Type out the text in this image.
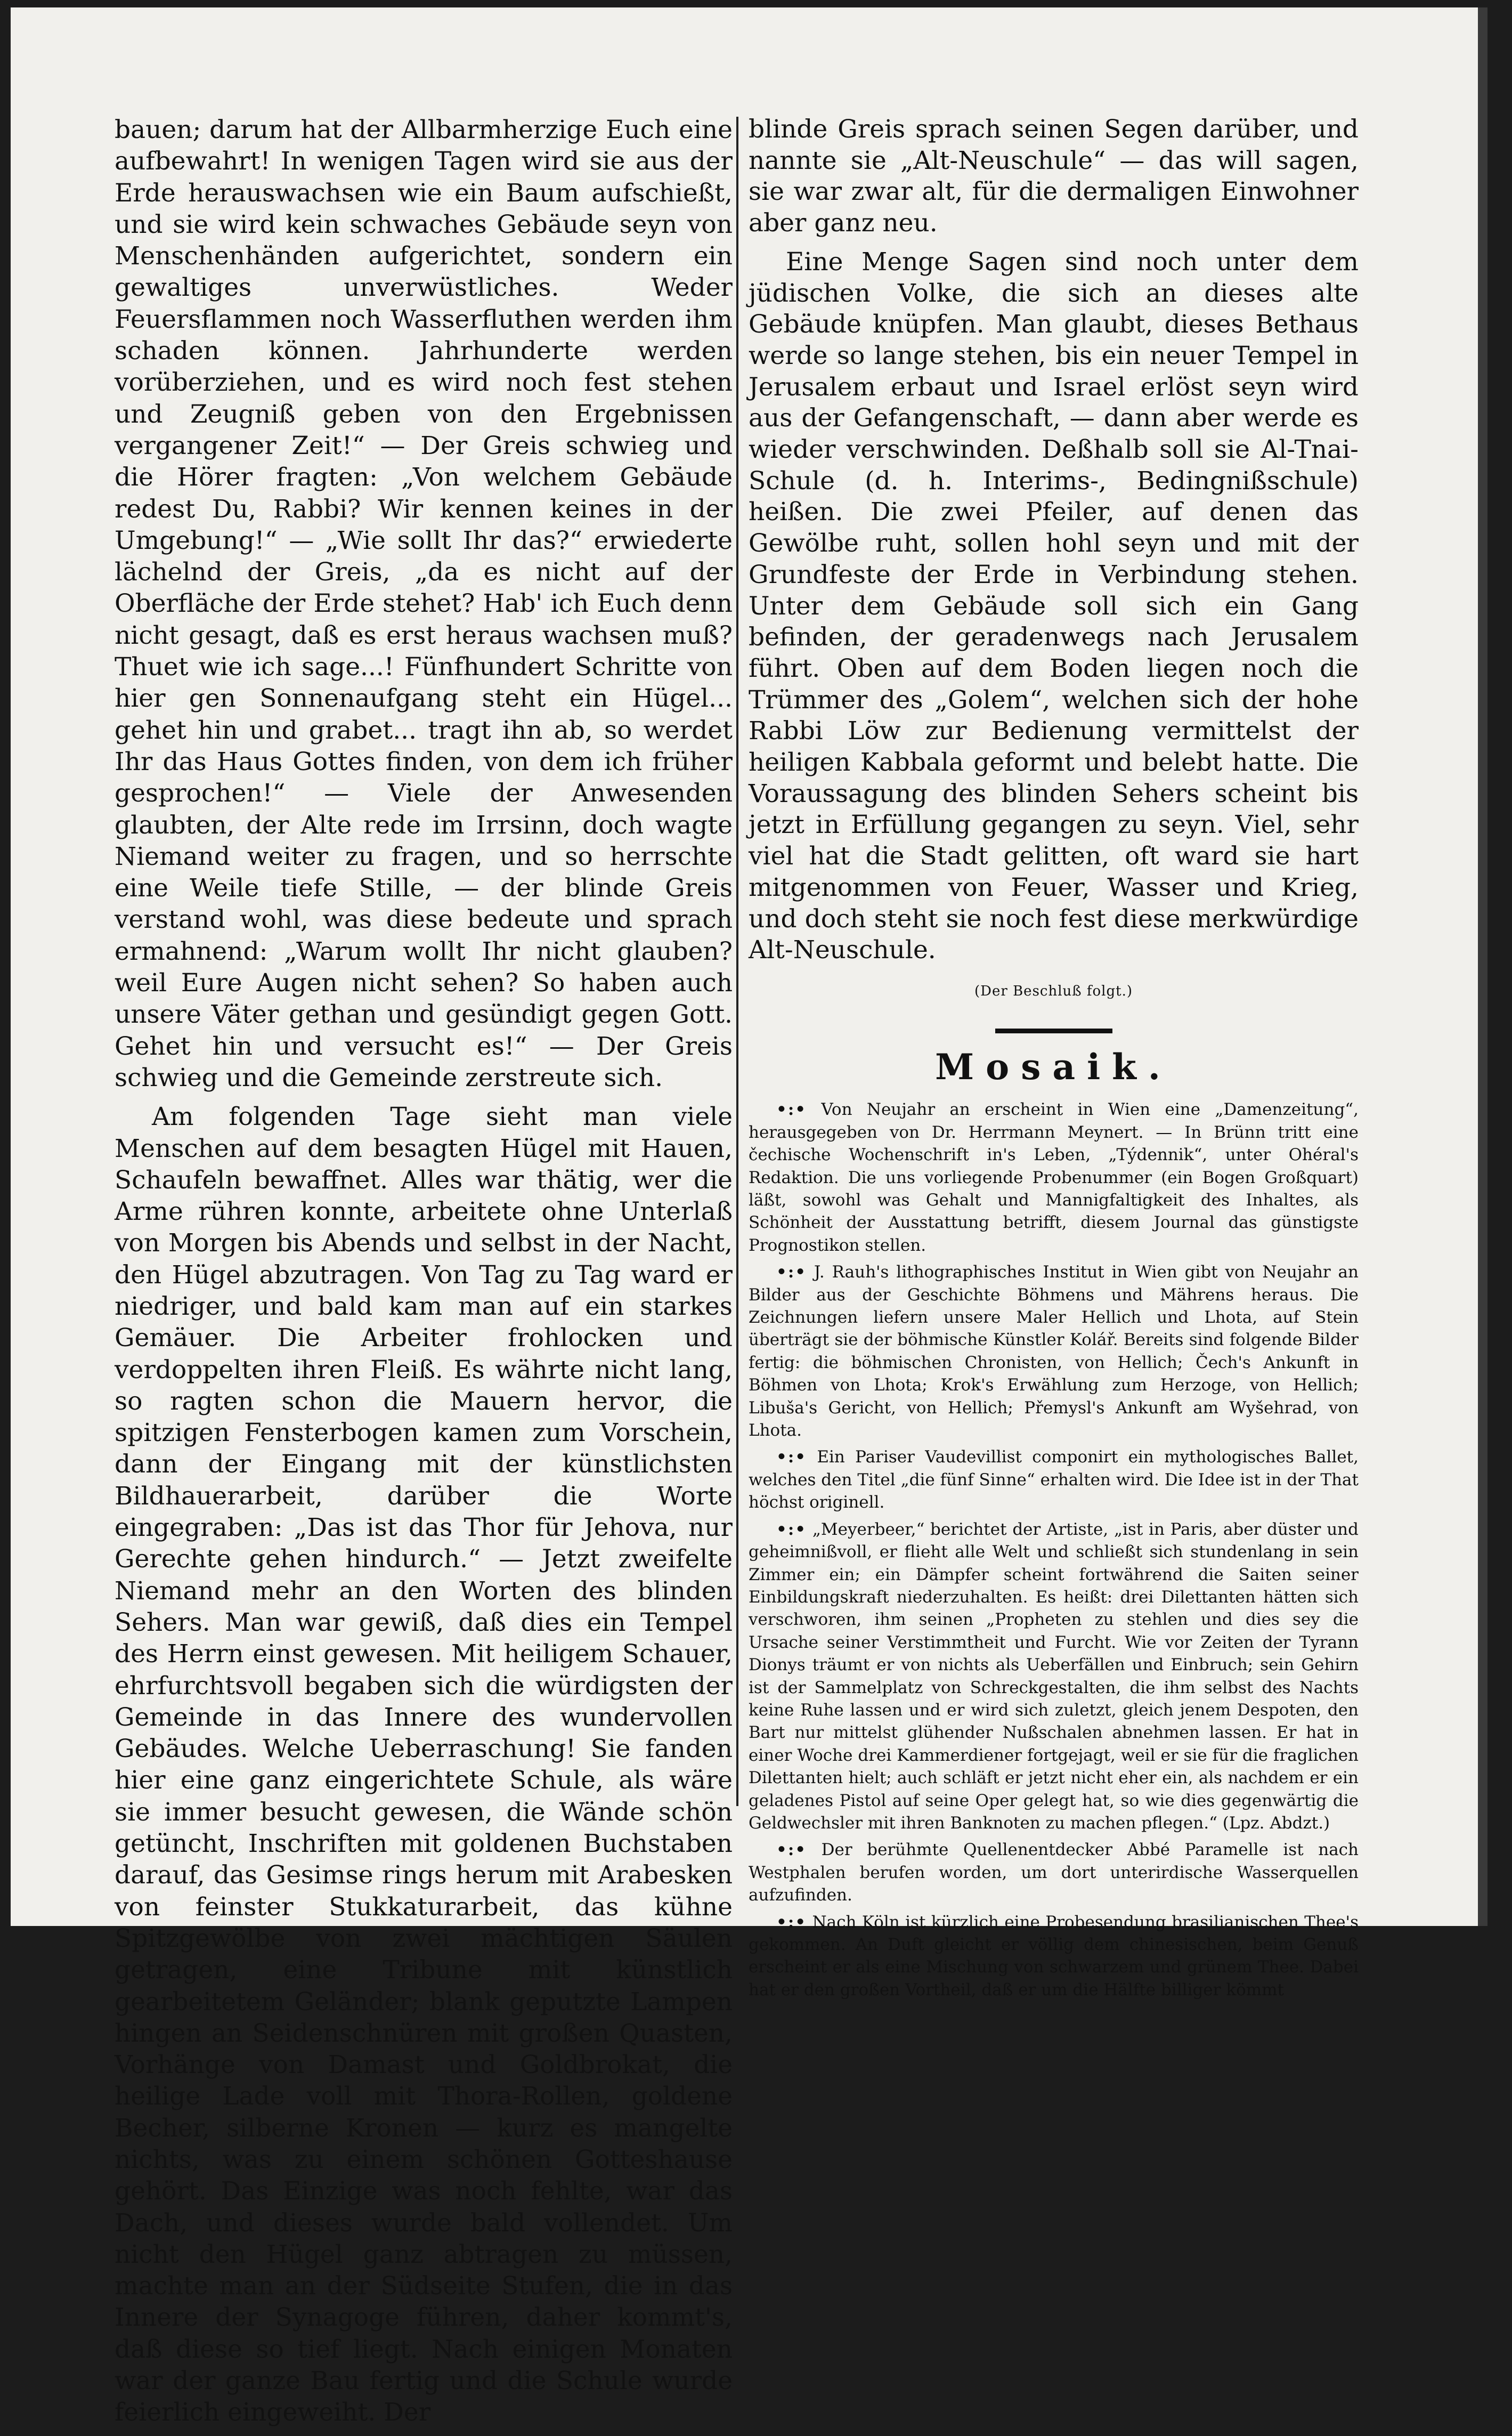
bauen; darum hat der Allbarmherzige Euch eine aufbewahrt! In wenigen Tagen wird sie aus der Erde herauswachsen wie ein Baum aufschießt, und sie wird kein schwaches Gebäude seyn von Menschenhänden aufgerichtet, sondern ein gewaltiges unverwüstliches. Weder Feuersflammen noch Wasserfluthen werden ihm schaden können. Jahrhunderte werden vorüberziehen, und es wird noch fest stehen und Zeugniß geben von den Ergebnissen vergangener Zeit!“ — Der Greis schwieg und die Hörer fragten: „Von welchem Gebäude redest Du, Rabbi? Wir kennen keines in der Umgebung!“ — „Wie sollt Ihr das?“ erwiederte lächelnd der Greis, „da es nicht auf der Oberfläche der Erde stehet? Hab' ich Euch denn nicht gesagt, daß es erst heraus wachsen muß? Thuet wie ich sage...! Fünfhundert Schritte von hier gen Sonnenaufgang steht ein Hügel... gehet hin und grabet... tragt ihn ab, so werdet Ihr das Haus Gottes finden, von dem ich früher gesprochen!“ — Viele der Anwesenden glaubten, der Alte rede im Irrsinn, doch wagte Niemand weiter zu fragen, und so herrschte eine Weile tiefe Stille, — der blinde Greis verstand wohl, was diese bedeute und sprach ermahnend: „Warum wollt Ihr nicht glauben? weil Eure Augen nicht sehen? So haben auch unsere Väter gethan und gesündigt gegen Gott. Gehet hin und versucht es!“ — Der Greis schwieg und die Gemeinde zerstreute sich.

Am folgenden Tage sieht man viele Menschen auf dem besagten Hügel mit Hauen, Schaufeln bewaffnet. Alles war thätig, wer die Arme rühren konnte, arbeitete ohne Unterlaß von Morgen bis Abends und selbst in der Nacht, den Hügel abzutragen. Von Tag zu Tag ward er niedriger, und bald kam man auf ein starkes Gemäuer. Die Arbeiter frohlocken und verdoppelten ihren Fleiß. Es währte nicht lang, so ragten schon die Mauern hervor, die spitzigen Fensterbogen kamen zum Vorschein, dann der Eingang mit der künstlichsten Bildhauerarbeit, darüber die Worte eingegraben: „Das ist das Thor für Jehova, nur Gerechte gehen hindurch.“ — Jetzt zweifelte Niemand mehr an den Worten des blinden Sehers. Man war gewiß, daß dies ein Tempel des Herrn einst gewesen. Mit heiligem Schauer, ehrfurchtsvoll begaben sich die würdigsten der Gemeinde in das Innere des wundervollen Gebäudes. Welche Ueberraschung! Sie fanden hier eine ganz eingerichtete Schule, als wäre sie immer besucht gewesen, die Wände schön getüncht, Inschriften mit goldenen Buchstaben darauf, das Gesimse rings herum mit Arabesken von feinster Stukkaturarbeit, das kühne Spitzgewölbe von zwei mächtigen Säulen getragen, eine Tribune mit künstlich gearbeitetem Geländer; blank geputzte Lampen hingen an Seidenschnüren mit großen Quasten, Vorhänge von Damast und Goldbrokat, die heilige Lade voll mit Thora-Rollen, goldene Becher, silberne Kronen — kurz es mangelte nichts, was zu einem schönen Gotteshause gehört. Das Einzige was noch fehlte, war das Dach, und dieses wurde bald vollendet. Um nicht den Hügel ganz abtragen zu müssen, machte man an der Südseite Stufen, die in das Innere der Synagoge führen, daher kommt's, daß diese so tief liegt. Nach einigen Monaten war der ganze Bau fertig und die Schule wurde feierlich eingeweiht. Der

blinde Greis sprach seinen Segen darüber, und nannte sie „Alt-Neuschule“ — das will sagen, sie war zwar alt, für die dermaligen Einwohner aber ganz neu.

Eine Menge Sagen sind noch unter dem jüdischen Volke, die sich an dieses alte Gebäude knüpfen. Man glaubt, dieses Bethaus werde so lange stehen, bis ein neuer Tempel in Jerusalem erbaut und Israel erlöst seyn wird aus der Gefangenschaft, — dann aber werde es wieder verschwinden. Deßhalb soll sie Al-Tnai-Schule (d. h. Interims-, Bedingnißschule) heißen. Die zwei Pfeiler, auf denen das Gewölbe ruht, sollen hohl seyn und mit der Grundfeste der Erde in Verbindung stehen. Unter dem Gebäude soll sich ein Gang befinden, der geradenwegs nach Jerusalem führt. Oben auf dem Boden liegen noch die Trümmer des „Golem“, welchen sich der hohe Rabbi Löw zur Bedienung vermittelst der heiligen Kabbala geformt und belebt hatte. Die Voraussagung des blinden Sehers scheint bis jetzt in Erfüllung gegangen zu seyn. Viel, sehr viel hat die Stadt gelitten, oft ward sie hart mitgenommen von Feuer, Wasser und Krieg, und doch steht sie noch fest diese merkwürdige Alt-Neuschule.

(Der Beschluß folgt.)

Mosaik.

•:• Von Neujahr an erscheint in Wien eine „Damenzeitung“, herausgegeben von Dr. Herrmann Meynert. — In Brünn tritt eine čechische Wochenschrift in's Leben, „Týdennik“, unter Ohéral's Redaktion. Die uns vorliegende Probenummer (ein Bogen Großquart) läßt, sowohl was Gehalt und Mannigfaltigkeit des Inhaltes, als Schönheit der Ausstattung betrifft, diesem Journal das günstigste Prognostikon stellen.

•:• J. Rauh's lithographisches Institut in Wien gibt von Neujahr an Bilder aus der Geschichte Böhmens und Mährens heraus. Die Zeichnungen liefern unsere Maler Hellich und Lhota, auf Stein überträgt sie der böhmische Künstler Kolář. Bereits sind folgende Bilder fertig: die böhmischen Chronisten, von Hellich; Čech's Ankunft in Böhmen von Lhota; Krok's Erwählung zum Herzoge, von Hellich; Libuša's Gericht, von Hellich; Přemysl's Ankunft am Wyšehrad, von Lhota.

•:• Ein Pariser Vaudevillist componirt ein mythologisches Ballet, welches den Titel „die fünf Sinne“ erhalten wird. Die Idee ist in der That höchst originell.

•:• „Meyerbeer,“ berichtet der Artiste, „ist in Paris, aber düster und geheimnißvoll, er flieht alle Welt und schließt sich stundenlang in sein Zimmer ein; ein Dämpfer scheint fortwährend die Saiten seiner Einbildungskraft niederzuhalten. Es heißt: drei Dilettanten hätten sich verschworen, ihm seinen „Propheten zu stehlen und dies sey die Ursache seiner Verstimmtheit und Furcht. Wie vor Zeiten der Tyrann Dionys träumt er von nichts als Ueberfällen und Einbruch; sein Gehirn ist der Sammelplatz von Schreckgestalten, die ihm selbst des Nachts keine Ruhe lassen und er wird sich zuletzt, gleich jenem Despoten, den Bart nur mittelst glühender Nußschalen abnehmen lassen. Er hat in einer Woche drei Kammerdiener fortgejagt, weil er sie für die fraglichen Dilettanten hielt; auch schläft er jetzt nicht eher ein, als nachdem er ein geladenes Pistol auf seine Oper gelegt hat, so wie dies gegenwärtig die Geldwechsler mit ihren Banknoten zu machen pflegen.“ (Lpz. Abdzt.)

•:• Der berühmte Quellenentdecker Abbé Paramelle ist nach Westphalen berufen worden, um dort unterirdische Wasserquellen aufzufinden.

•:• Nach Köln ist kürzlich eine Probesendung brasilianischen Thee's gekommen. An Duft gleicht er völlig dem chinesischen, beim Genuß erscheint er als eine Mischung von schwarzem und grünem Thee. Dabei hat er den großen Vortheil, daß er um die Hälfte billiger kömmt
